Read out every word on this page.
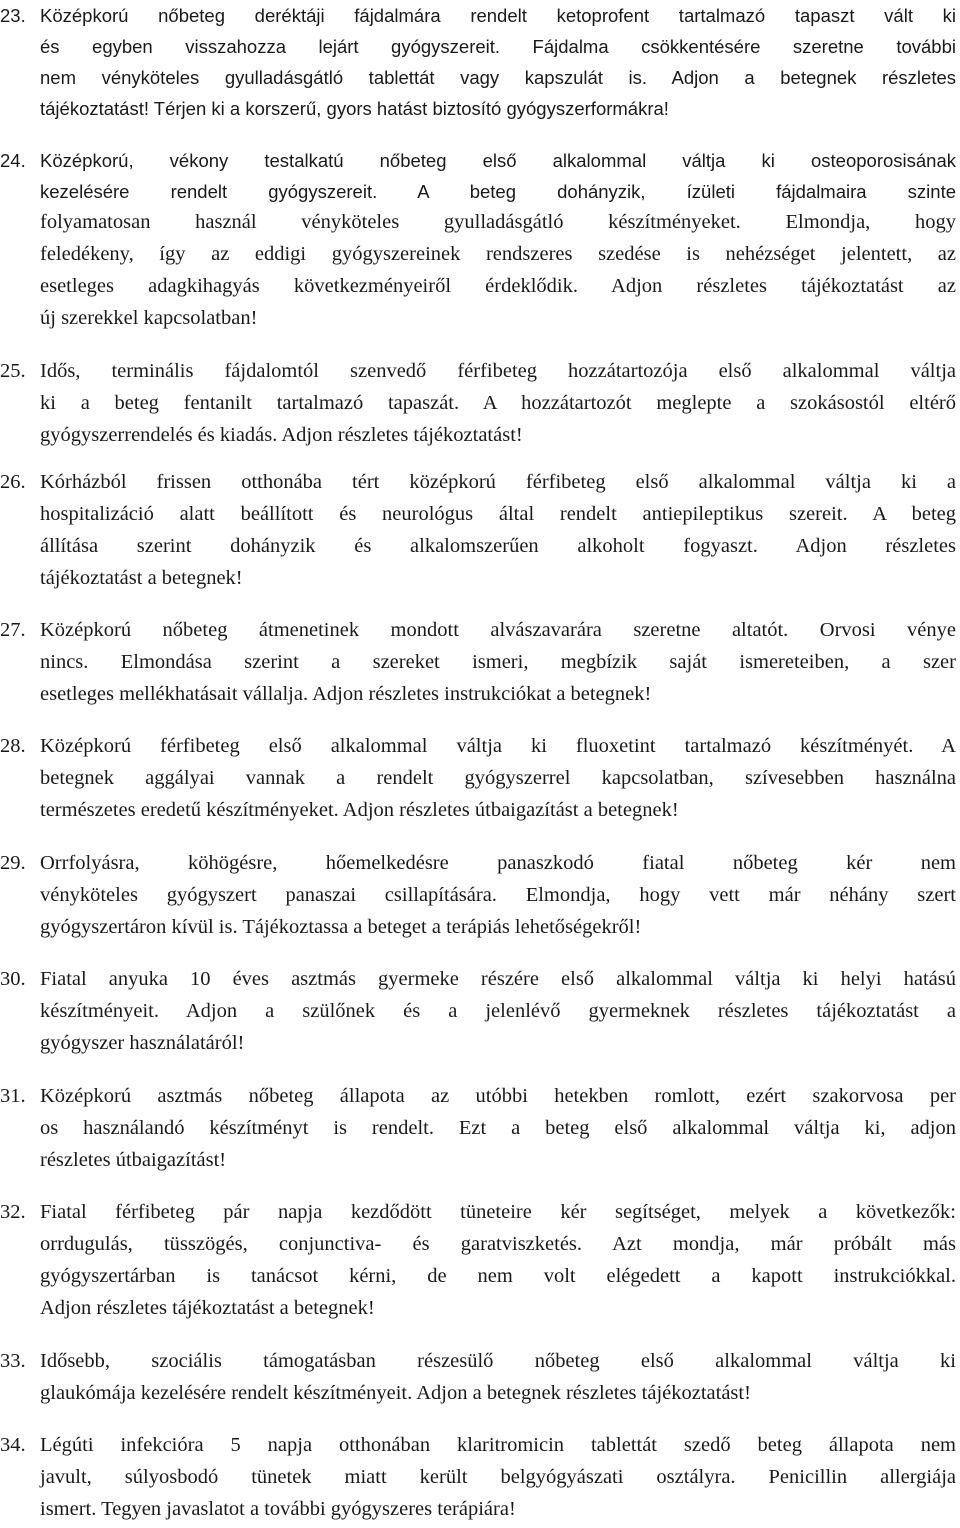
23. Középkorú nőbeteg deréktáji fájdalmára rendelt ketoprofent tartalmazó tapaszt vált ki
és egyben visszahozza lejárt gyógyszereit. Fájdalma csökkentésére szeretne további
nem vényköteles gyulladásgátló tablettát vagy kapszulát is. Adjon a betegnek részletes
tájékoztatást! Térjen ki a korszerű, gyors hatást biztosító gyógyszerformákra!
24. Középkorú, vékony testalkatú nőbeteg első alkalommal váltja ki osteoporosisának
kezelésére rendelt gyógyszereit. A beteg dohányzik, ízületi fájdalmaira szinte
folyamatosan használ vényköteles gyulladásgátló készítményeket. Elmondja, hogy
feledékeny, így az eddigi gyógyszereinek rendszeres szedése is nehézséget jelentett, az
esetleges adagkihagyás következményeiről érdeklődik. Adjon részletes tájékoztatást az
új szerekkel kapcsolatban!
25. Idős, terminális fájdalomtól szenvedő férfibeteg hozzátartozója első alkalommal váltja
ki a beteg fentanilt tartalmazó tapaszát. A hozzátartozót meglepte a szokásostól eltérő
gyógyszerrendelés és kiadás. Adjon részletes tájékoztatást!
26. Kórházból frissen otthonába tért középkorú férfibeteg első alkalommal váltja ki a
hospitalizáció alatt beállított és neurológus által rendelt antiepileptikus szereit. A beteg
állítása szerint dohányzik és alkalomszerűen alkoholt fogyaszt. Adjon részletes
tájékoztatást a betegnek!
27. Középkorú nőbeteg átmenetinek mondott alvászavarára szeretne altatót. Orvosi vénye
nincs. Elmondása szerint a szereket ismeri, megbízik saját ismereteiben, a szer
esetleges mellékhatásait vállalja. Adjon részletes instrukciókat a betegnek!
28. Középkorú férfibeteg első alkalommal váltja ki fluoxetint tartalmazó készítményét. A
betegnek aggályai vannak a rendelt gyógyszerrel kapcsolatban, szívesebben használna
természetes eredetű készítményeket. Adjon részletes útbaigazítást a betegnek!
29. Orrfolyásra, köhögésre, hőemelkedésre panaszkodó fiatal nőbeteg kér nem
vényköteles gyógyszert panaszai csillapítására. Elmondja, hogy vett már néhány szert
gyógyszertáron kívül is. Tájékoztassa a beteget a terápiás lehetőségekről!
30. Fiatal anyuka 10 éves asztmás gyermeke részére első alkalommal váltja ki helyi hatású
készítményeit. Adjon a szülőnek és a jelenlévő gyermeknek részletes tájékoztatást a
gyógyszer használatáról!
31. Középkorú asztmás nőbeteg állapota az utóbbi hetekben romlott, ezért szakorvosa per
os használandó készítményt is rendelt. Ezt a beteg első alkalommal váltja ki, adjon
részletes útbaigazítást!
32. Fiatal férfibeteg pár napja kezdődött tüneteire kér segítséget, melyek a következők:
orrdugulás, tüsszögés, conjunctiva- és garatviszketés. Azt mondja, már próbált más
gyógyszertárban is tanácsot kérni, de nem volt elégedett a kapott instrukciókkal.
Adjon részletes tájékoztatást a betegnek!
33. Idősebb, szociális támogatásban részesülő nőbeteg első alkalommal váltja ki
glaukómája kezelésére rendelt készítményeit. Adjon a betegnek részletes tájékoztatást!
34. Légúti infekcióra 5 napja otthonában klaritromicin tablettát szedő beteg állapota nem
javult, súlyosbodó tünetek miatt került belgyógyászati osztályra. Penicillin allergiája
ismert. Tegyen javaslatot a további gyógyszeres terápiára!
